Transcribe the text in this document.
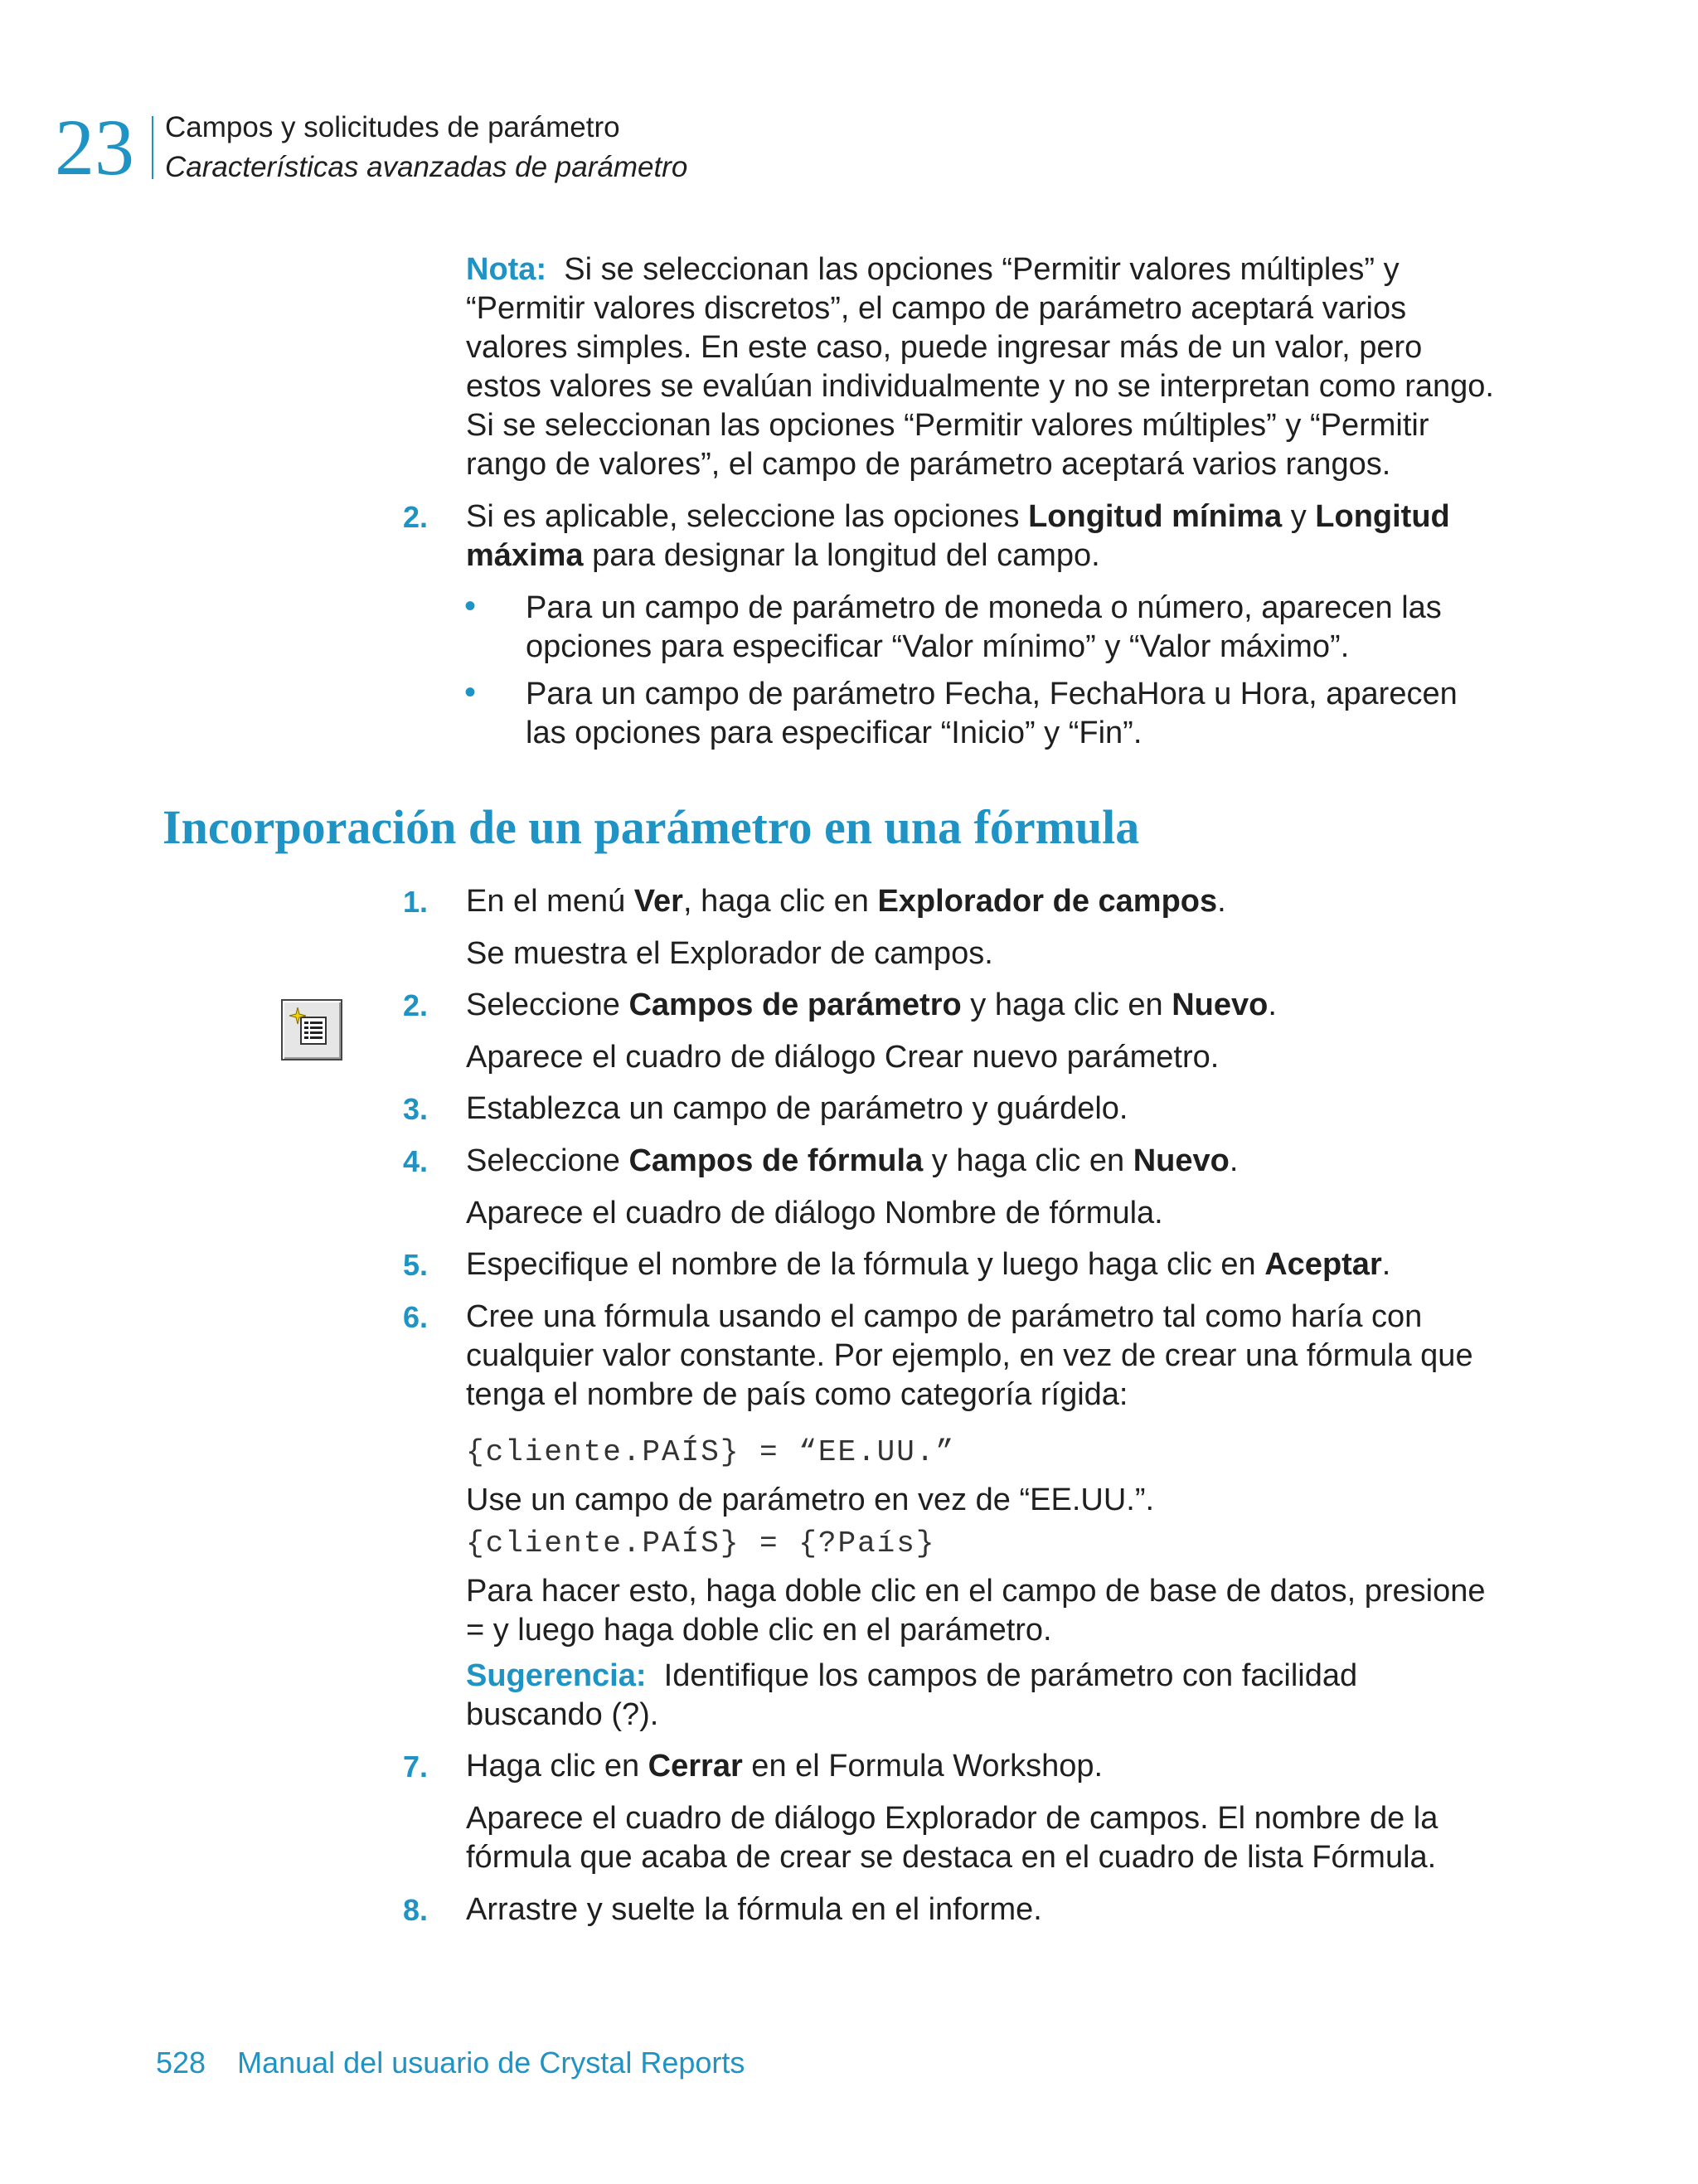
23 Campos y solicitudes de parámetro
Características avanzadas de parámetro
Nota: Si se seleccionan las opciones “Permitir valores múltiples” y
“Permitir valores discretos”, el campo de parámetro aceptará varios
valores simples. En este caso, puede ingresar más de un valor, pero
estos valores se evalúan individualmente y no se interpretan como rango.
Si se seleccionan las opciones “Permitir valores múltiples” y “Permitir
rango de valores”, el campo de parámetro aceptará varios rangos.
2. Si es aplicable, seleccione las opciones Longitud mínima y Longitud
máxima para designar la longitud del campo.
• Para un campo de parámetro de moneda o número, aparecen las
opciones para especificar “Valor mínimo” y “Valor máximo”.
• Para un campo de parámetro Fecha, FechaHora u Hora, aparecen
las opciones para especificar “Inicio” y “Fin”.
Incorporación de un parámetro en una fórmula
1. En el menú Ver, haga clic en Explorador de campos.
Se muestra el Explorador de campos.
2. Seleccione Campos de parámetro y haga clic en Nuevo.
Aparece el cuadro de diálogo Crear nuevo parámetro.
3. Establezca un campo de parámetro y guárdelo.
4. Seleccione Campos de fórmula y haga clic en Nuevo.
Aparece el cuadro de diálogo Nombre de fórmula.
5. Especifique el nombre de la fórmula y luego haga clic en Aceptar.
6. Cree una fórmula usando el campo de parámetro tal como haría con
cualquier valor constante. Por ejemplo, en vez de crear una fórmula que
tenga el nombre de país como categoría rígida:
{cliente.PAÍS} = “EE.UU.”
Use un campo de parámetro en vez de “EE.UU.”.
{cliente.PAÍS} = {?País}
Para hacer esto, haga doble clic en el campo de base de datos, presione
= y luego haga doble clic en el parámetro.
Sugerencia: Identifique los campos de parámetro con facilidad
buscando (?).
7. Haga clic en Cerrar en el Formula Workshop.
Aparece el cuadro de diálogo Explorador de campos. El nombre de la
fórmula que acaba de crear se destaca en el cuadro de lista Fórmula.
8. Arrastre y suelte la fórmula en el informe.
528 Manual del usuario de Crystal Reports
